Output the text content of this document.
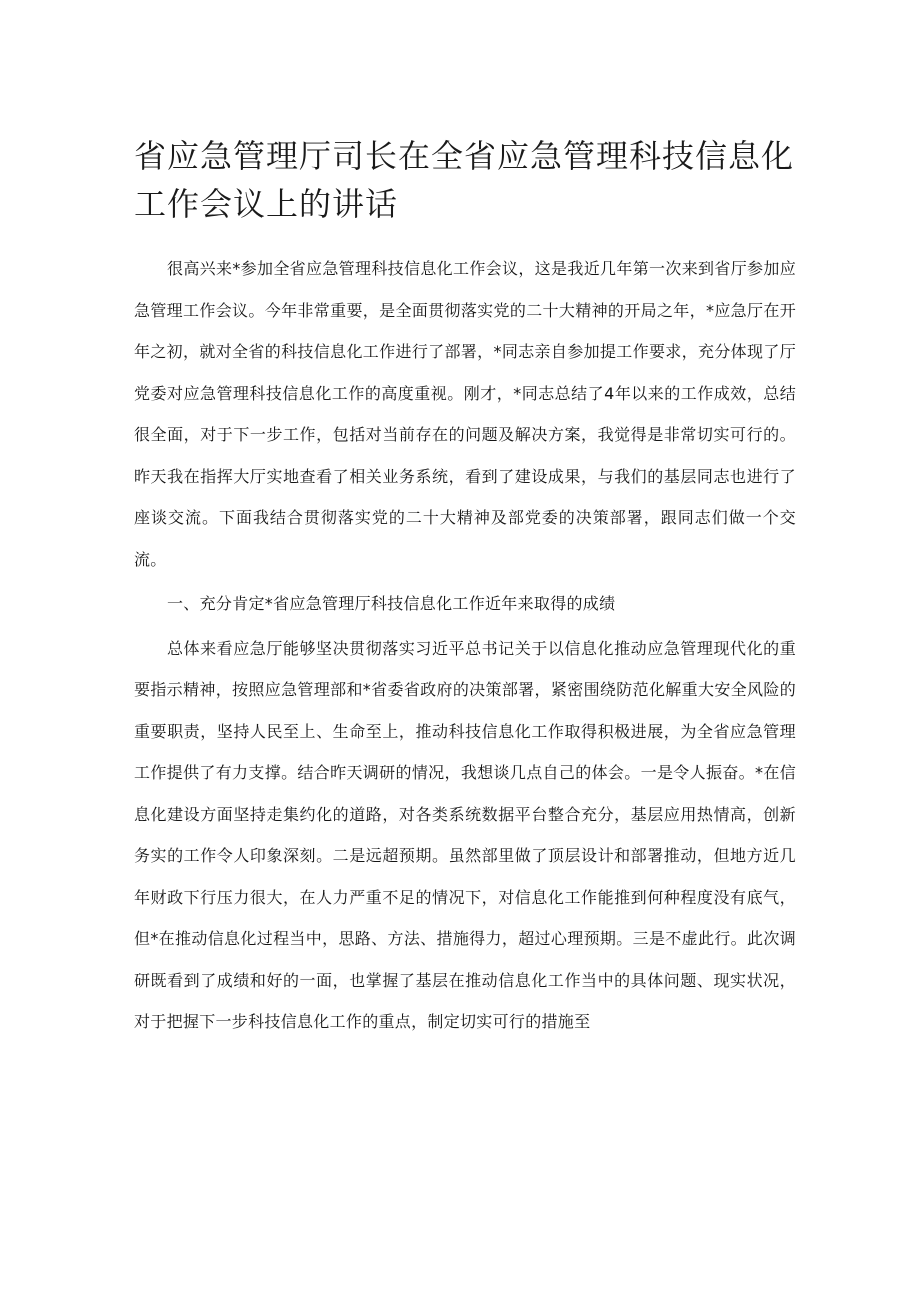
省应急管理厅司长在全省应急管理科技信息化工作会议上的讲话

很高兴来*参加全省应急管理科技信息化工作会议，这是我近几年第一次来到省厅参加应急管理工作会议。今年非常重要，是全面贯彻落实党的二十大精神的开局之年，*应急厅在开年之初，就对全省的科技信息化工作进行了部署，*同志亲自参加提工作要求，充分体现了厅党委对应急管理科技信息化工作的高度重视。刚才，*同志总结了4年以来的工作成效，总结很全面，对于下一步工作，包括对当前存在的问题及解决方案，我觉得是非常切实可行的。昨天我在指挥大厅实地查看了相关业务系统，看到了建设成果，与我们的基层同志也进行了座谈交流。下面我结合贯彻落实党的二十大精神及部党委的决策部署，跟同志们做一个交流。

一、充分肯定*省应急管理厅科技信息化工作近年来取得的成绩

总体来看应急厅能够坚决贯彻落实习近平总书记关于以信息化推动应急管理现代化的重要指示精神，按照应急管理部和*省委省政府的决策部署，紧密围绕防范化解重大安全风险的重要职责，坚持人民至上、生命至上，推动科技信息化工作取得积极进展，为全省应急管理工作提供了有力支撑。结合昨天调研的情况，我想谈几点自己的体会。一是令人振奋。*在信息化建设方面坚持走集约化的道路，对各类系统数据平台整合充分，基层应用热情高，创新务实的工作令人印象深刻。二是远超预期。虽然部里做了顶层设计和部署推动，但地方近几年财政下行压力很大，在人力严重不足的情况下，对信息化工作能推到何种程度没有底气，但*在推动信息化过程当中，思路、方法、措施得力，超过心理预期。三是不虚此行。此次调研既看到了成绩和好的一面，也掌握了基层在推动信息化工作当中的具体问题、现实状况，对于把握下一步科技信息化工作的重点，制定切实可行的措施至
